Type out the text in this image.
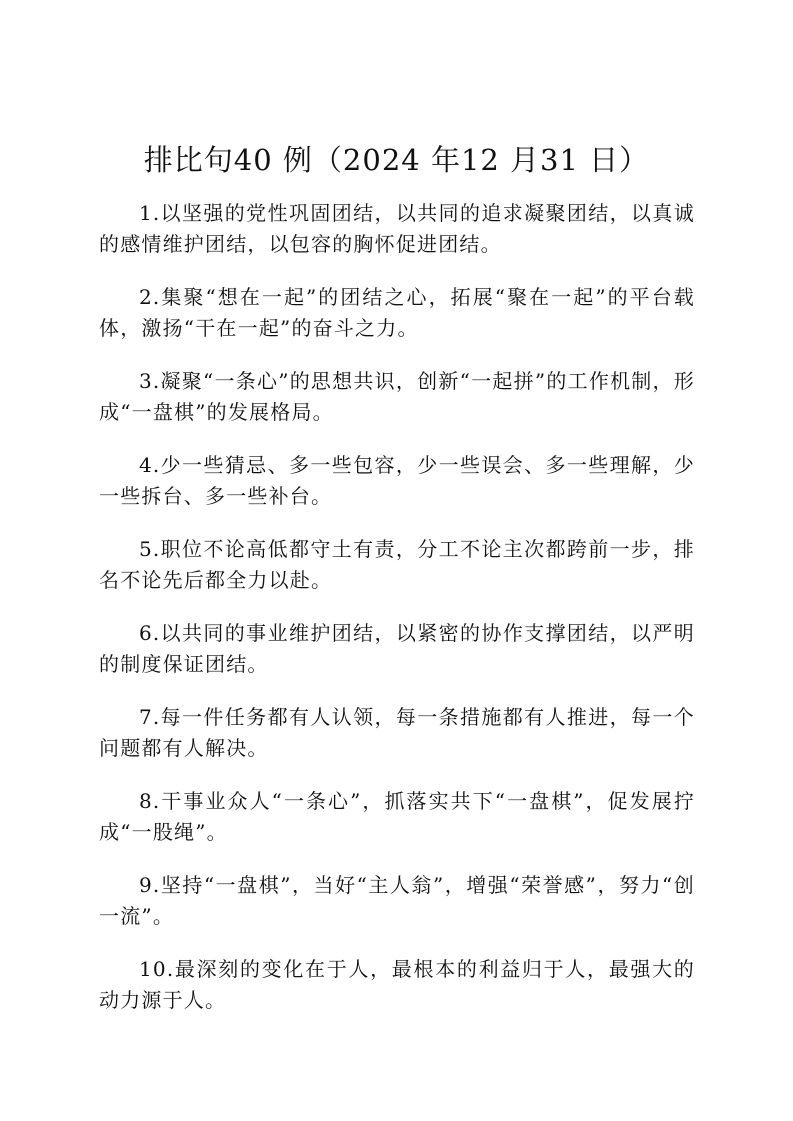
排比句40 例（2024 年12 月31 日）

1.以坚强的党性巩固团结，以共同的追求凝聚团结，以真诚的感情维护团结，以包容的胸怀促进团结。

2.集聚“想在一起”的团结之心，拓展“聚在一起”的平台载体，激扬“干在一起”的奋斗之力。

3.凝聚“一条心”的思想共识，创新“一起拼”的工作机制，形成“一盘棋”的发展格局。

4.少一些猜忌、多一些包容，少一些误会、多一些理解，少一些拆台、多一些补台。

5.职位不论高低都守土有责，分工不论主次都跨前一步，排名不论先后都全力以赴。

6.以共同的事业维护团结，以紧密的协作支撑团结，以严明的制度保证团结。

7.每一件任务都有人认领，每一条措施都有人推进，每一个问题都有人解决。

8.干事业众人“一条心”，抓落实共下“一盘棋”，促发展拧成“一股绳”。

9.坚持“一盘棋”，当好“主人翁”，增强“荣誉感”，努力“创一流”。

10.最深刻的变化在于人，最根本的利益归于人，最强大的动力源于人。
